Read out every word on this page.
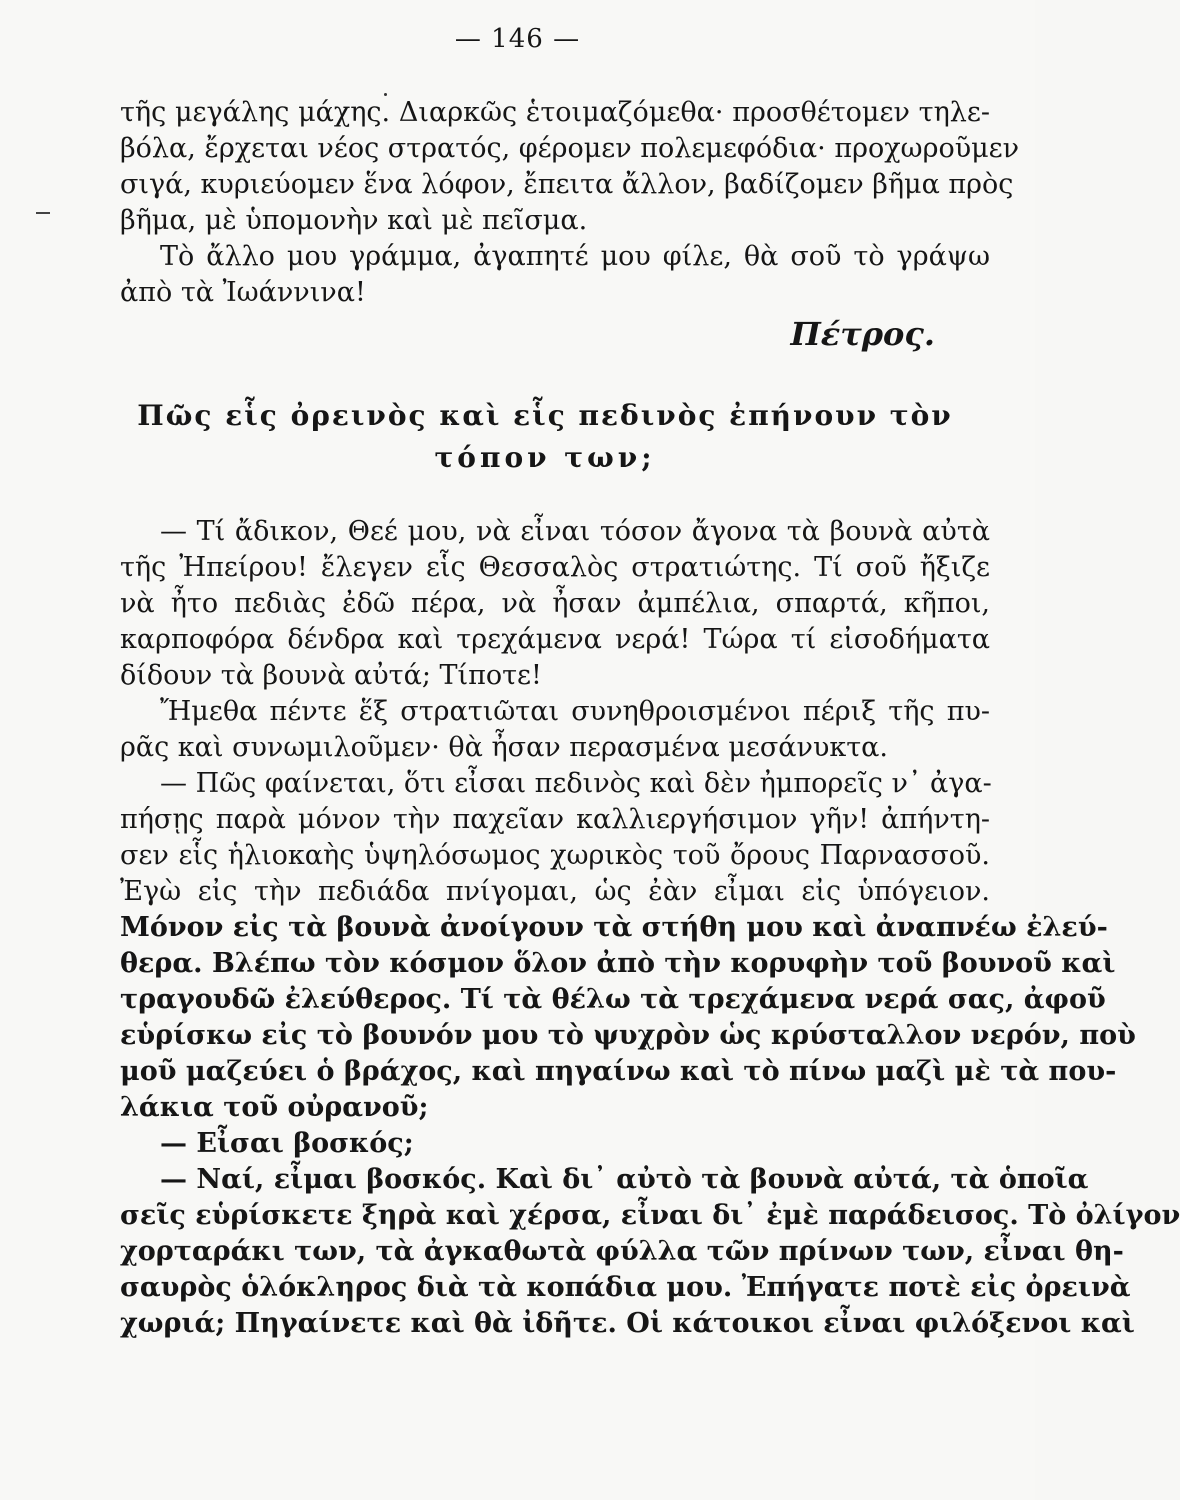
— 146 —
τῆς μεγάλης μάχης. Διαρκῶς ἑτοιμαζόμεθα· προσθέτομεν τηλε-
βόλα, ἔρχεται νέος στρατός, φέρομεν πολεμεφόδια· προχωροῦμεν
σιγά, κυριεύομεν ἕνα λόφον, ἔπειτα ἄλλον, βαδίζομεν βῆμα πρὸς
βῆμα, μὲ ὑπομονὴν καὶ μὲ πεῖσμα.
Τὸ ἄλλο μου γράμμα, ἀγαπητέ μου φίλε, θὰ σοῦ τὸ γράψω
ἀπὸ τὰ Ἰωάννινα!
Πέτρος.
Πῶς εἷς ὀρεινὸς καὶ εἷς πεδινὸς ἐπήνουν τὸν
τόπον των;
— Τί ἄδικον, Θεέ μου, νὰ εἶναι τόσον ἄγονα τὰ βουνὰ αὐτὰ
τῆς Ἠπείρου! ἔλεγεν εἷς Θεσσαλὸς στρατιώτης. Τί σοῦ ἤξιζε
νὰ ἦτο πεδιὰς ἐδῶ πέρα, νὰ ἦσαν ἀμπέλια, σπαρτά, κῆποι,
καρποφόρα δένδρα καὶ τρεχάμενα νερά! Τώρα τί εἰσοδήματα
δίδουν τὰ βουνὰ αὐτά; Τίποτε!
Ἤμεθα πέντε ἕξ στρατιῶται συνηθροισμένοι πέριξ τῆς πυ-
ρᾶς καὶ συνωμιλοῦμεν· θὰ ἦσαν περασμένα μεσάνυκτα.
— Πῶς φαίνεται, ὅτι εἶσαι πεδινὸς καὶ δὲν ἠμπορεῖς ν᾿ ἀγα-
πήσῃς παρὰ μόνον τὴν παχεῖαν καλλιεργήσιμον γῆν! ἀπήντη-
σεν εἷς ἡλιοκαὴς ὑψηλόσωμος χωρικὸς τοῦ ὄρους Παρνασσοῦ.
Ἐγὼ εἰς τὴν πεδιάδα πνίγομαι, ὡς ἐὰν εἶμαι εἰς ὑπόγειον.
Μόνον εἰς τὰ βουνὰ ἀνοίγουν τὰ στήθη μου καὶ ἀναπνέω ἐλεύ-
θερα. Βλέπω τὸν κόσμον ὅλον ἀπὸ τὴν κορυφὴν τοῦ βουνοῦ καὶ
τραγουδῶ ἐλεύθερος. Τί τὰ θέλω τὰ τρεχάμενα νερά σας, ἀφοῦ
εὑρίσκω εἰς τὸ βουνόν μου τὸ ψυχρὸν ὡς κρύσταλλον νερόν, ποὺ
μοῦ μαζεύει ὁ βράχος, καὶ πηγαίνω καὶ τὸ πίνω μαζὶ μὲ τὰ που-
λάκια τοῦ οὐρανοῦ;
— Εἶσαι βοσκός;
— Ναί, εἶμαι βοσκός. Καὶ δι᾿ αὐτὸ τὰ βουνὰ αὐτά, τὰ ὁποῖα
σεῖς εὑρίσκετε ξηρὰ καὶ χέρσα, εἶναι δι᾿ ἐμὲ παράδεισος. Τὸ ὀλίγον
χορταράκι των, τὰ ἀγκαθωτὰ φύλλα τῶν πρίνων των, εἶναι θη-
σαυρὸς ὁλόκληρος διὰ τὰ κοπάδια μου. Ἐπήγατε ποτὲ εἰς ὀρεινὰ
χωριά; Πηγαίνετε καὶ θὰ ἰδῆτε. Οἱ κάτοικοι εἶναι φιλόξενοι καὶ
